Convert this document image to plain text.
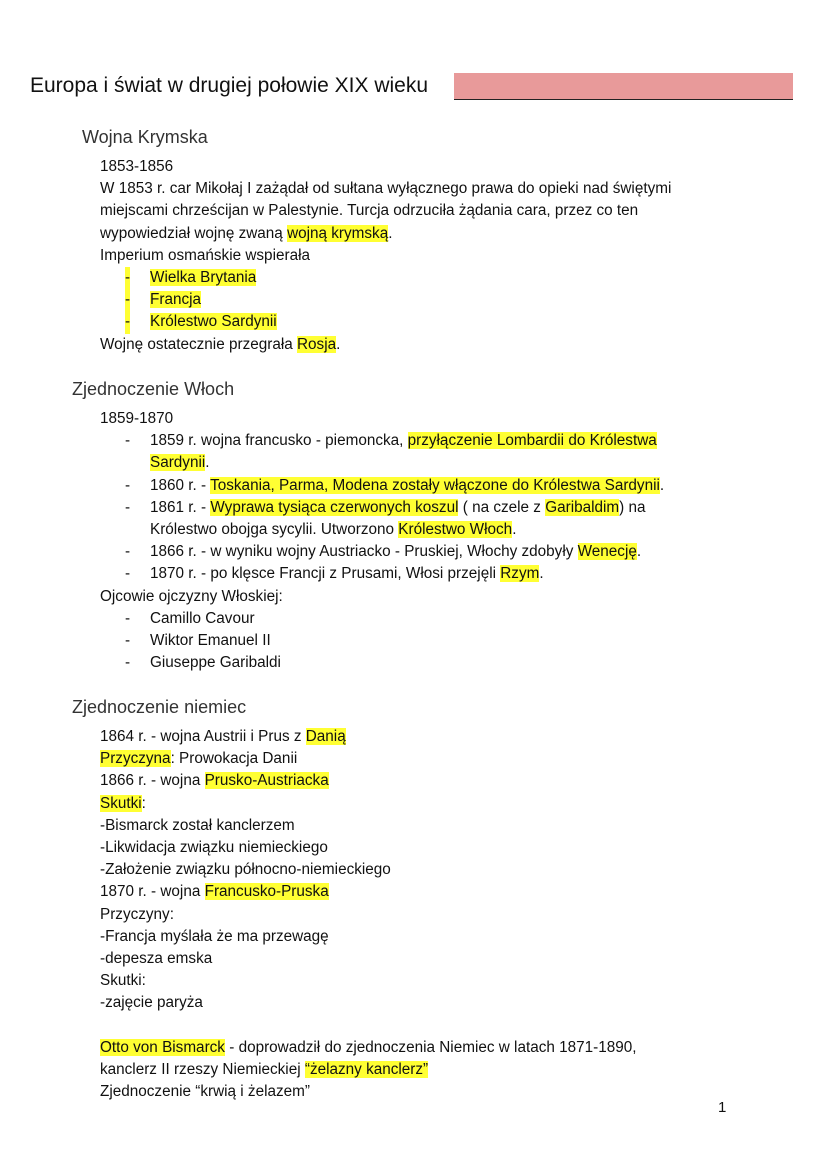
Europa i świat w drugiej połowie XIX wieku
Wojna Krymska
1853-1856
W 1853 r. car Mikołaj I zażądał od sułtana wyłącznego prawa do opieki nad świętymi
miejscami chrześcijan w Palestynie. Turcja odrzuciła żądania cara, przez co ten
wypowiedział wojnę zwaną wojną krymską.
Imperium osmańskie wspierała
- Wielka Brytania
- Francja
- Królestwo Sardynii
Wojnę ostatecznie przegrała Rosja.
Zjednoczenie Włoch
1859-1870
- 1859 r. wojna francusko - piemoncka, przyłączenie Lombardii do Królestwa
Sardynii.
- 1860 r. - Toskania, Parma, Modena zostały włączone do Królestwa Sardynii.
- 1861 r. - Wyprawa tysiąca czerwonych koszul ( na czele z Garibaldim) na
Królestwo obojga sycylii. Utworzono Królestwo Włoch.
- 1866 r. - w wyniku wojny Austriacko - Pruskiej, Włochy zdobyły Wenecję.
- 1870 r. - po klęsce Francji z Prusami, Włosi przejęli Rzym.
Ojcowie ojczyzny Włoskiej:
- Camillo Cavour
- Wiktor Emanuel II
- Giuseppe Garibaldi
Zjednoczenie niemiec
1864 r. - wojna Austrii i Prus z Danią
Przyczyna: Prowokacja Danii
1866 r. - wojna Prusko-Austriacka
Skutki:
-Bismarck został kanclerzem
-Likwidacja związku niemieckiego
-Założenie związku północno-niemieckiego
1870 r. - wojna Francusko-Pruska
Przyczyny:
-Francja myślała że ma przewagę
-depesza emska
Skutki:
-zajęcie paryża
Otto von Bismarck - doprowadził do zjednoczenia Niemiec w latach 1871-1890,
kanclerz II rzeszy Niemieckiej “żelazny kanclerz”
Zjednoczenie “krwią i żelazem”
1
